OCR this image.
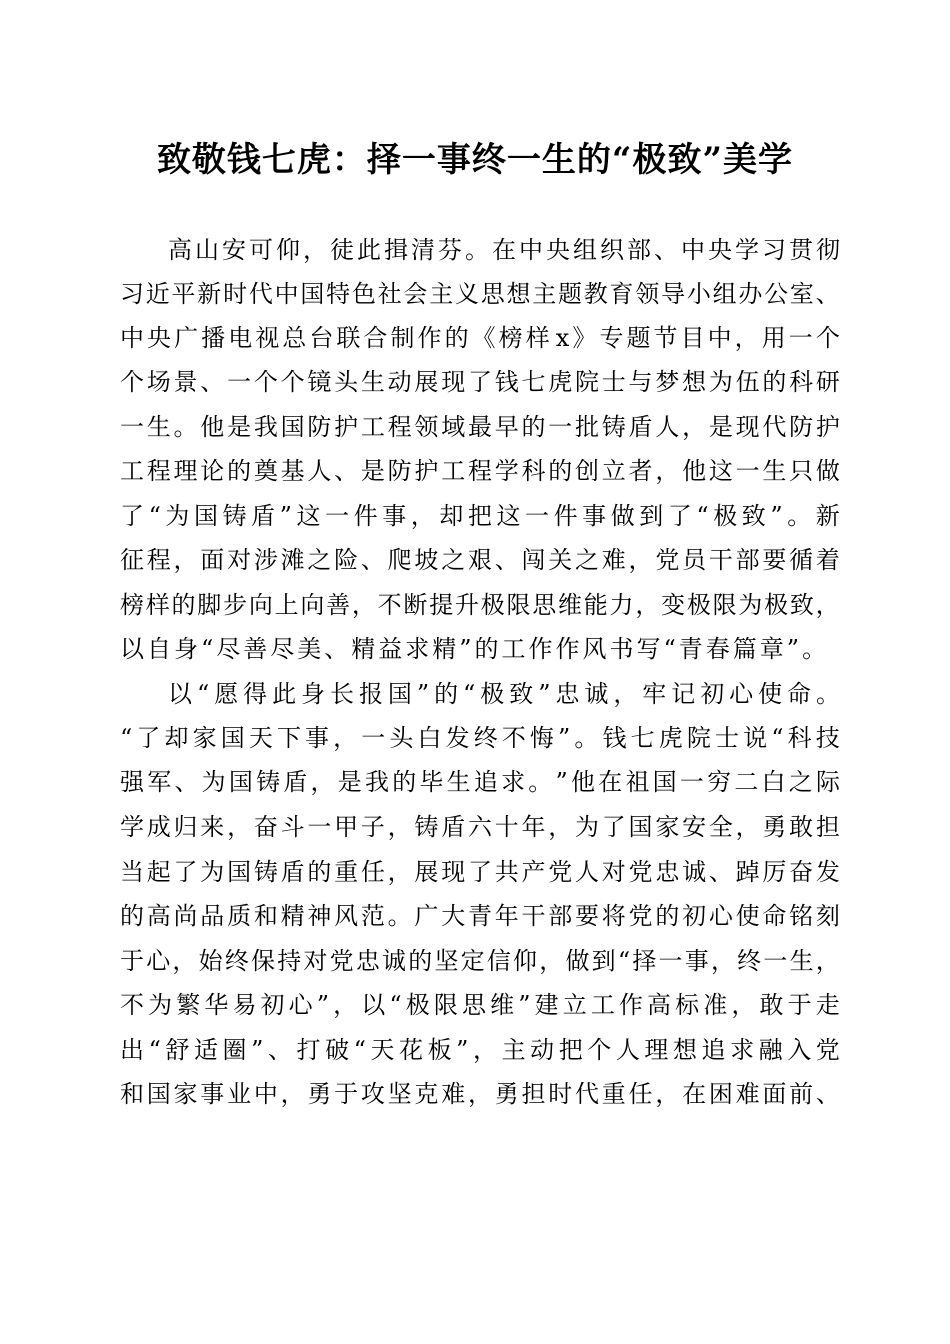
致敬钱七虎：择一事终一生的“极致”美学
高 山 安 可 仰 ， 徒 此 揖 清 芬 。 在 中 央 组 织 部 、 中 央 学 习 贯 彻
习 近 平 新 时 代 中 国 特 色 社 会 主 义 思 想 主 题 教 育 领 导 小 组 办 公 室 、
中 央 广 播 电 视 总 台 联 合 制 作 的 《 榜 样 x 》 专 题 节 目 中 ， 用 一 个
个 场 景 、 一 个 个 镜 头 生 动 展 现 了 钱 七 虎 院 士 与 梦 想 为 伍 的 科 研
一 生 。 他 是 我 国 防 护 工 程 领 域 最 早 的 一 批 铸 盾 人 ， 是 现 代 防 护
工 程 理 论 的 奠 基 人 、 是 防 护 工 程 学 科 的 创 立 者 ， 他 这 一 生 只 做
了 “ 为 国 铸 盾 ” 这 一 件 事 ， 却 把 这 一 件 事 做 到 了 “ 极 致 ” 。 新
征 程 ， 面 对 涉 滩 之 险 、 爬 坡 之 艰 、 闯 关 之 难 ， 党 员 干 部 要 循 着
榜 样 的 脚 步 向 上 向 善 ， 不 断 提 升 极 限 思 维 能 力 ， 变 极 限 为 极 致 ，
以自身“尽善尽美、精益求精”的工作作风书写“青春篇章”。
以 “ 愿 得 此 身 长 报 国 ” 的 “ 极 致 ” 忠 诚 ， 牢 记 初 心 使 命 。
“ 了 却 家 国 天 下 事 ， 一 头 白 发 终 不 悔 ” 。 钱 七 虎 院 士 说 “ 科 技
强 军 、 为 国 铸 盾 ， 是 我 的 毕 生 追 求 。 ” 他 在 祖 国 一 穷 二 白 之 际
学 成 归 来 ， 奋 斗 一 甲 子 ， 铸 盾 六 十 年 ， 为 了 国 家 安 全 ， 勇 敢 担
当 起 了 为 国 铸 盾 的 重 任 ， 展 现 了 共 产 党 人 对 党 忠 诚 、 踔 厉 奋 发
的 高 尚 品 质 和 精 神 风 范 。 广 大 青 年 干 部 要 将 党 的 初 心 使 命 铭 刻
于 心 ， 始 终 保 持 对 党 忠 诚 的 坚 定 信 仰 ， 做 到 “ 择 一 事 ， 终 一 生 ，
不 为 繁 华 易 初 心 ” ， 以 “ 极 限 思 维 ” 建 立 工 作 高 标 准 ， 敢 于 走
出 “ 舒 适 圈 ” 、 打 破 “ 天 花 板 ” ， 主 动 把 个 人 理 想 追 求 融 入 党
和 国 家 事 业 中 ， 勇 于 攻 坚 克 难 ， 勇 担 时 代 重 任 ， 在 困 难 面 前 、
